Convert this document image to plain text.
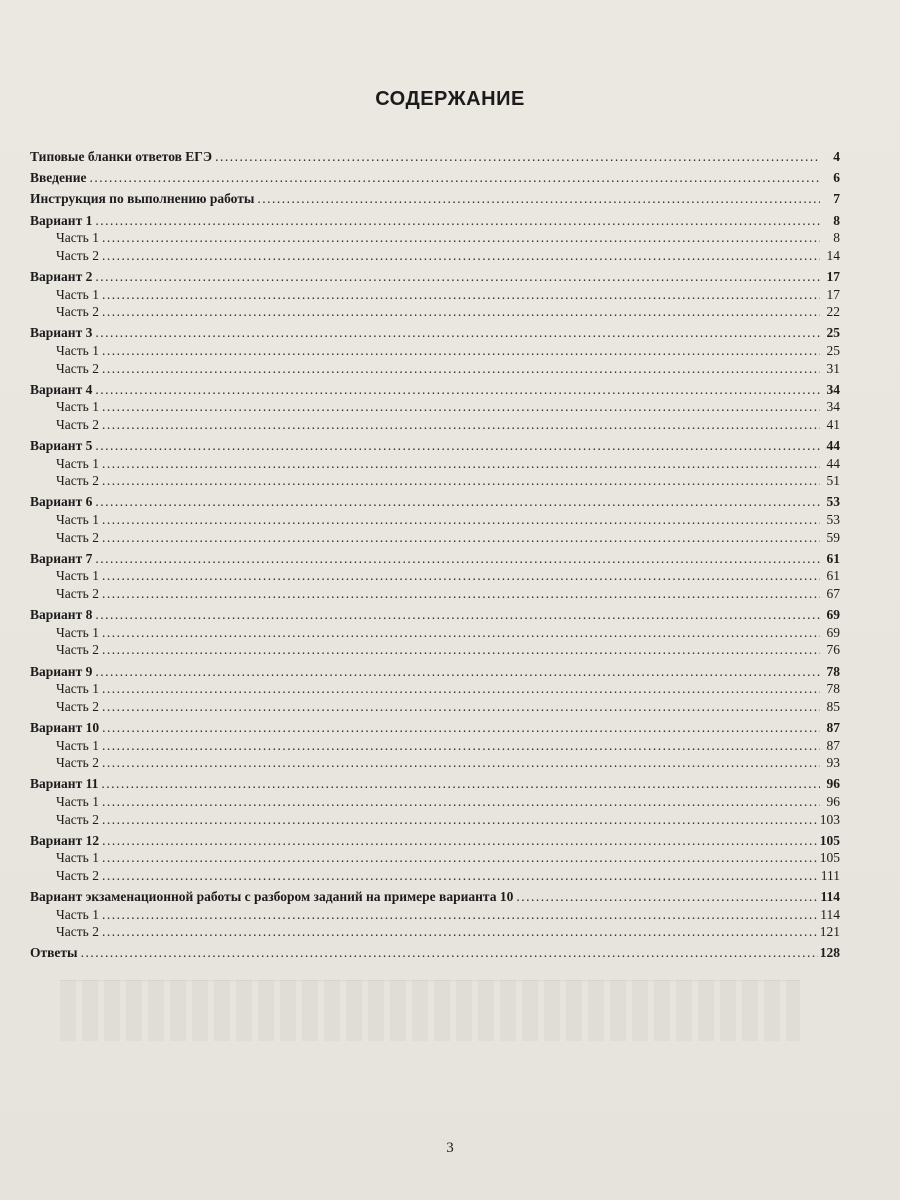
СОДЕРЖАНИЕ
Типовые бланки ответов ЕГЭ .....	4
Введение .....	6
Инструкция по выполнению работы .....	7
Вариант 1 .....	8
Часть 1 .....	8
Часть 2 .....	14
Вариант 2 .....	17
Часть 1 .....	17
Часть 2 .....	22
Вариант 3 .....	25
Часть 1 .....	25
Часть 2 .....	31
Вариант 4 .....	34
Часть 1 .....	34
Часть 2 .....	41
Вариант 5 .....	44
Часть 1 .....	44
Часть 2 .....	51
Вариант 6 .....	53
Часть 1 .....	53
Часть 2 .....	59
Вариант 7 .....	61
Часть 1 .....	61
Часть 2 .....	67
Вариант 8 .....	69
Часть 1 .....	69
Часть 2 .....	76
Вариант 9 .....	78
Часть 1 .....	78
Часть 2 .....	85
Вариант 10 .....	87
Часть 1 .....	87
Часть 2 .....	93
Вариант 11 .....	96
Часть 1 .....	96
Часть 2 .....	103
Вариант 12 .....	105
Часть 1 .....	105
Часть 2 .....	111
Вариант экзаменационной работы с разбором заданий на примере варианта 10 .....	114
Часть 1 .....	114
Часть 2 .....	121
Ответы .....	128
3
